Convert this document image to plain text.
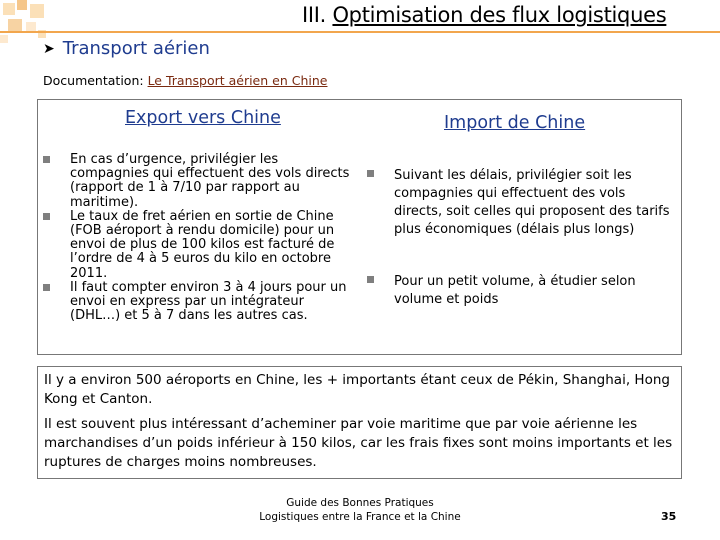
III. Optimisation des flux logistiques
➤ Transport aérien
Documentation: Le Transport aérien en Chine
Export vers Chine	Import de Chine
En cas d’urgence, privilégier les compagnies qui effectuent des vols directs (rapport de 1 à 7/10 par rapport au maritime).
Le taux de fret aérien en sortie de Chine (FOB aéroport à rendu domicile) pour un envoi de plus de 100 kilos est facturé de l’ordre de 4 à 5 euros du kilo en octobre 2011.
Il faut compter environ 3 à 4 jours pour un envoi en express par un intégrateur (DHL…) et 5 à 7 dans les autres cas.
Suivant les délais, privilégier soit les compagnies qui effectuent des vols directs, soit celles qui proposent des tarifs plus économiques (délais plus longs)
Pour un petit volume, à étudier selon volume et poids

Il y a environ 500 aéroports en Chine, les + importants étant ceux de Pékin, Shanghai, Hong Kong et Canton.

Il est souvent plus intéressant d’acheminer par voie maritime que par voie aérienne les marchandises d’un poids inférieur à 150 kilos, car les frais fixes sont moins importants et les ruptures de charges moins nombreuses.

Guide des Bonnes Pratiques
Logistiques entre la France et la Chine	35
